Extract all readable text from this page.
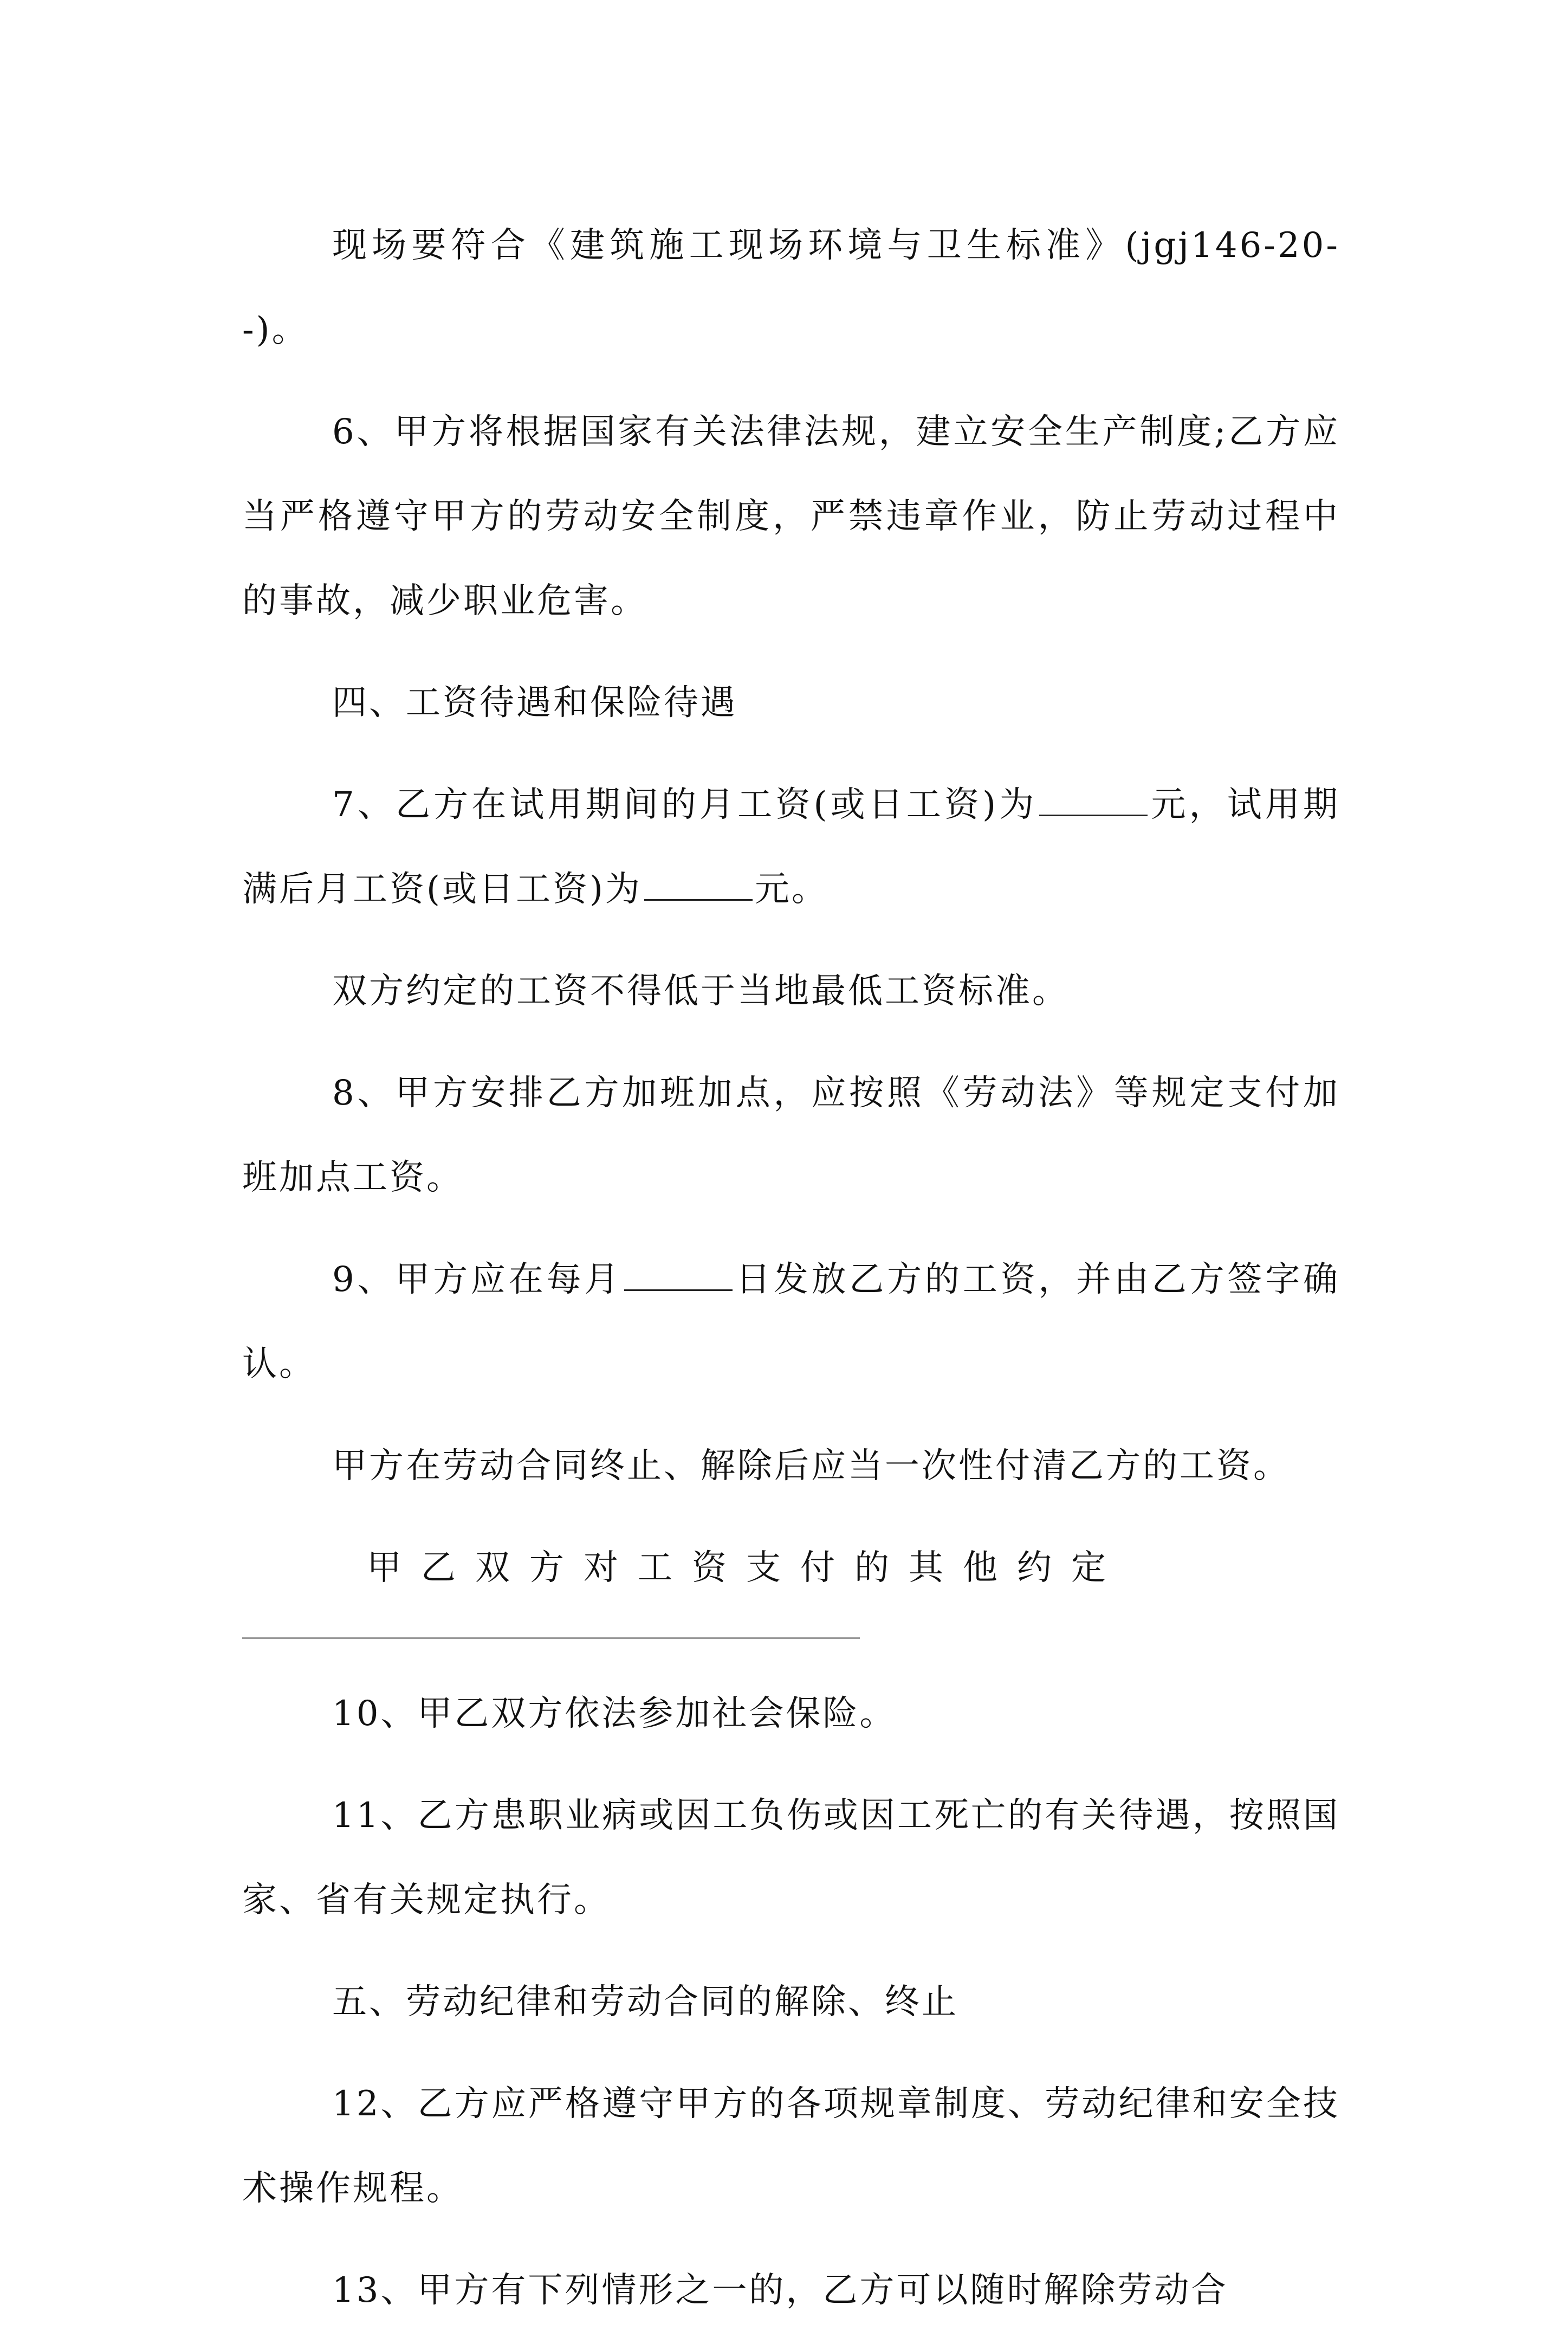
现场要符合《建筑施工现场环境与卫生标准》(jgj146-20--)。

6、甲方将根据国家有关法律法规，建立安全生产制度;乙方应当严格遵守甲方的劳动安全制度，严禁违章作业，防止劳动过程中的事故，减少职业危害。

四、工资待遇和保险待遇

7、乙方在试用期间的月工资(或日工资)为	元，试用期满后月工资(或日工资)为	元。

双方约定的工资不得低于当地最低工资标准。

8、甲方安排乙方加班加点，应按照《劳动法》等规定支付加班加点工资。

9、甲方应在每月	日发放乙方的工资，并由乙方签字确认。

甲方在劳动合同终止、解除后应当一次性付清乙方的工资。

甲乙双方对工资支付的其他约定

10、甲乙双方依法参加社会保险。

11、乙方患职业病或因工负伤或因工死亡的有关待遇，按照国家、省有关规定执行。

五、劳动纪律和劳动合同的解除、终止

12、乙方应严格遵守甲方的各项规章制度、劳动纪律和安全技术操作规程。

13、甲方有下列情形之一的，乙方可以随时解除劳动合
